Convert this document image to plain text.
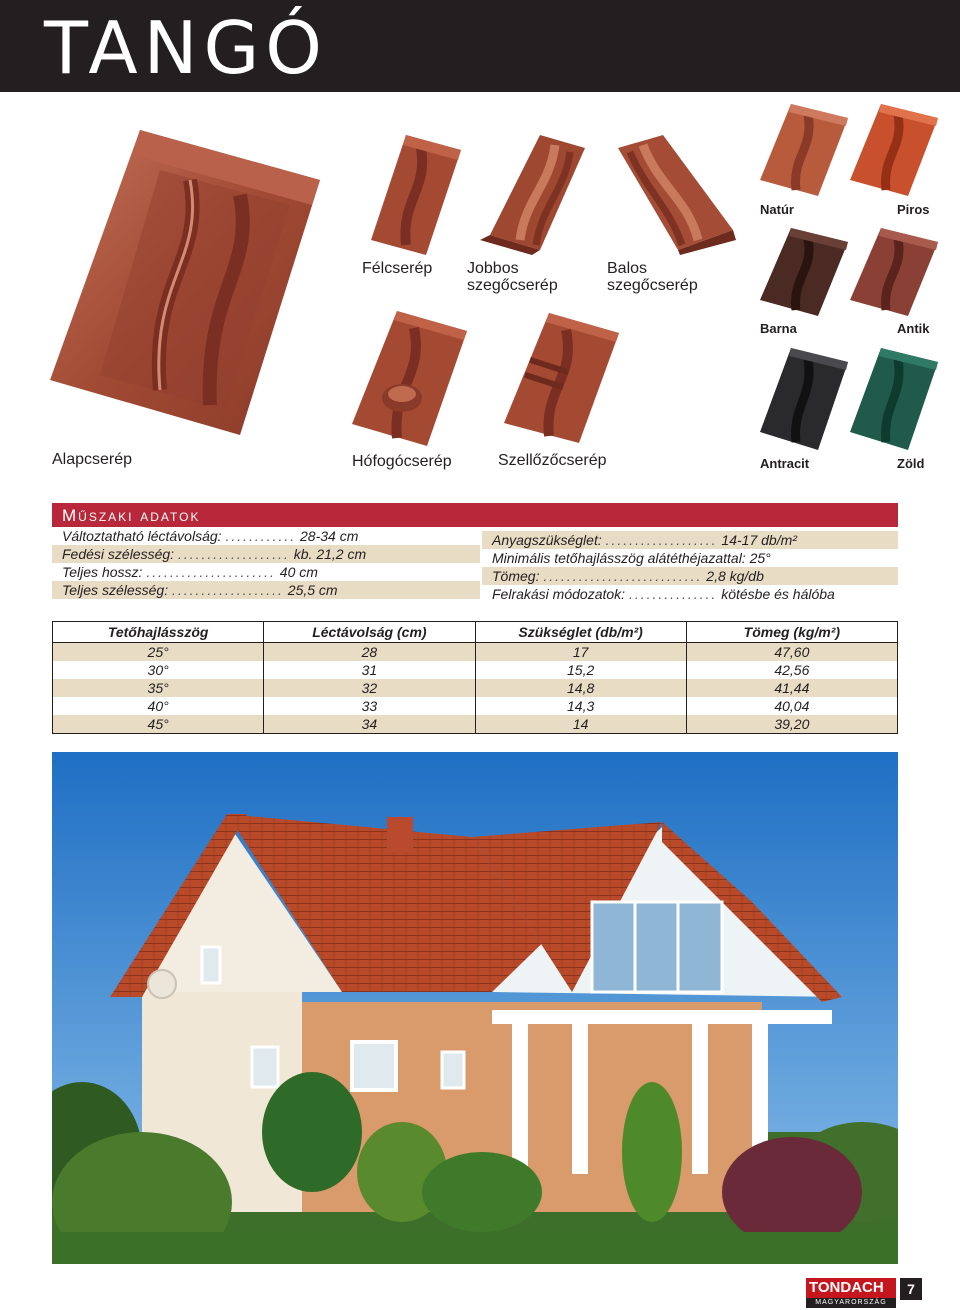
TANGÓ
Alapcserép
Félcserép Jobbos
szegőcserép
Balos
szegőcserép
Hófogócserép	Szellőzőcserép
Natúr	Piros
Barna	Antik
Antracit	Zöld
Műszaki adatok
Változtatható léctávolság: ............ 28-34 cm
Fedési szélesség: ................... kb. 21,2 cm
Teljes hossz: ...................... 40 cm
Teljes szélesség: ................... 25,5 cm
Anyagszükséglet: ................... 14-17 db/m²
Minimális tetőhajlásszög alátéthéjazattal: 25°
Tömeg: ........................... 2,8 kg/db
Felrakási módozatok: ............... kötésbe és hálóba
Tetőhajlásszög	Léctávolság (cm)	Szükséglet (db/m²)	Tömeg (kg/m²)
25°	28	17	47,60
30°	31	15,2	42,56
35°	32	14,8	41,44
40°	33	14,3	40,04
45°	34	14	39,20
TONDACH
MAGYARORSZÁG
7
